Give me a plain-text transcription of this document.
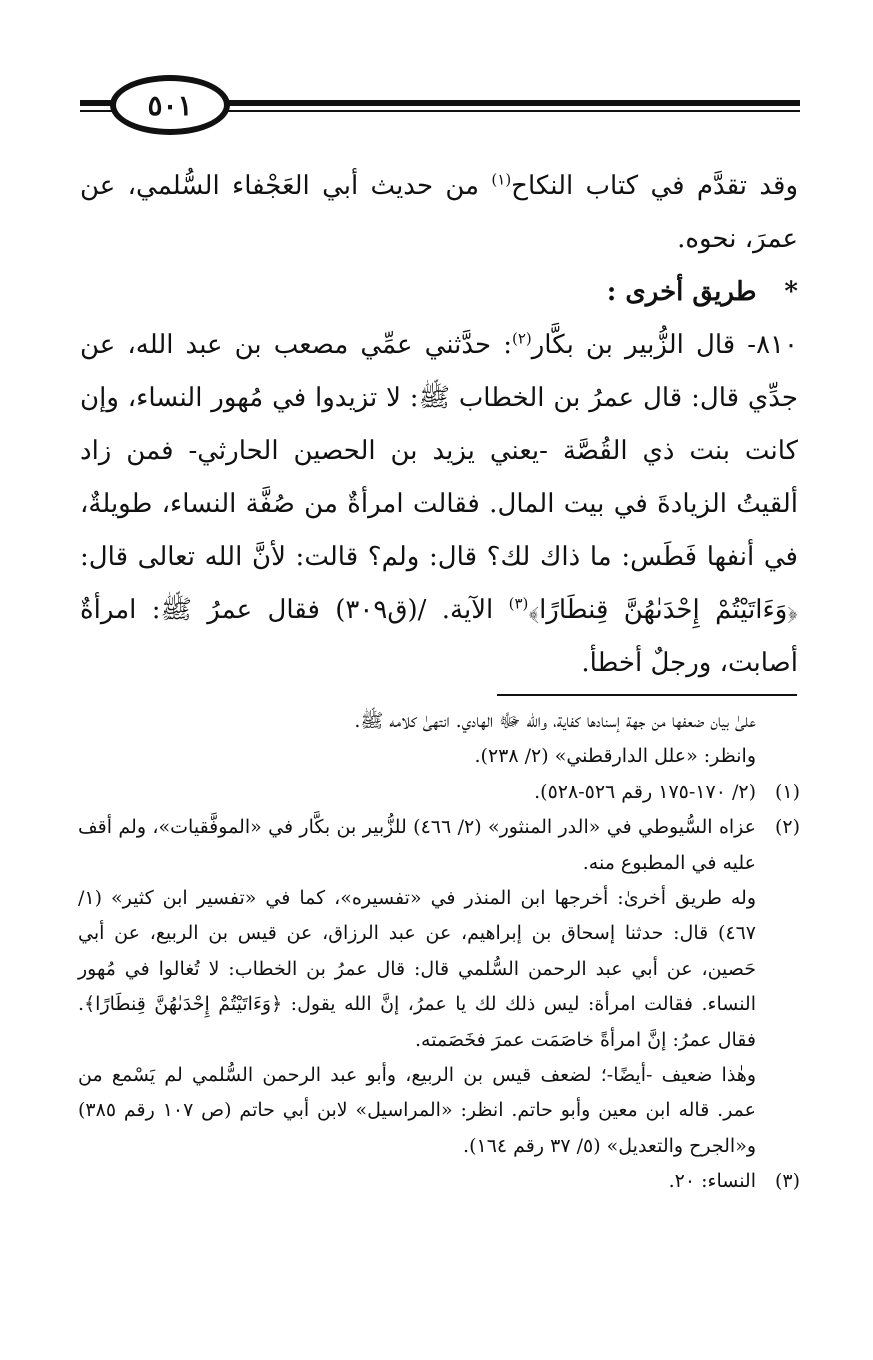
٥٠١

وقد تقدَّم في كتاب النكاح$^{(١)}$ من حديث أبي العَجْفاء السُّلمي، عن عمرَ، نحوه.

*طريق أخرى :

٨١٠- قال الزُّبير بن بكَّار$^{(٢)}$: حدَّثني عمِّي مصعب بن عبد الله، عن جدِّي قال: قال عمرُ بن الخطاب ﷺ: لا تزيدوا في مُهور النساء، وإن كانت بنت ذي القُصَّة -يعني يزيد بن الحصين الحارثي- فمن زاد ألقيتُ الزيادةَ في بيت المال. فقالت امرأةٌ من صُفَّة النساء، طويلةٌ، في أنفها فَطَس: ما ذاك لك؟ قال: ولم؟ قالت: لأنَّ الله تعالى قال: ﴿وَءَاتَيْتُمْ إِحْدَىٰهُنَّ قِنطَارًا﴾$^{(٣)}$ الآية. /(ق٣٠٩) فقال عمرُ ﷺ: امرأةٌ أصابت، ورجلٌ أخطأ.

علىٰ بيان ضعفها من جهة إسنادها كفاية، والله ﷻ الهادي. انتهىٰ كلامه ﷺ.

وانظر: «علل الدارقطني» (٢/ ٢٣٨).

(١)
(٢/ ١٧٠-١٧٥ رقم ٥٢٦-٥٢٨).
(٢)
عزاه السُّيوطي في «الدر المنثور» (٢/ ٤٦٦) للزُّبير بن بكَّار في «الموفَّقيات»، ولم أقف عليه في المطبوع منه.

وله طريق أخرىٰ: أخرجها ابن المنذر في «تفسيره»، كما في «تفسير ابن كثير» (١/ ٤٦٧) قال: حدثنا إسحاق بن إبراهيم، عن عبد الرزاق، عن قيس بن الربيع، عن أبي حَصين، عن أبي عبد الرحمن السُّلمي قال: قال عمرُ بن الخطاب: لا تُغالوا في مُهور النساء. فقالت امرأة: ليس ذلك لك يا عمرُ، إنَّ الله يقول: ﴿وَءَاتَيْتُمْ إِحْدَىٰهُنَّ قِنطَارًا﴾. فقال عمرُ: إنَّ امرأةً خاصَمَت عمرَ فخَصَمته.

وهٰذا ضعيف -أيضًا-؛ لضعف قيس بن الربيع، وأبو عبد الرحمن السُّلمي لم يَسْمع من عمر. قاله ابن معين وأبو حاتم. انظر: «المراسيل» لابن أبي حاتم (ص ١٠٧ رقم ٣٨٥) و«الجرح والتعديل» (٥/ ٣٧ رقم ١٦٤).

(٣)
النساء: ٢٠.
